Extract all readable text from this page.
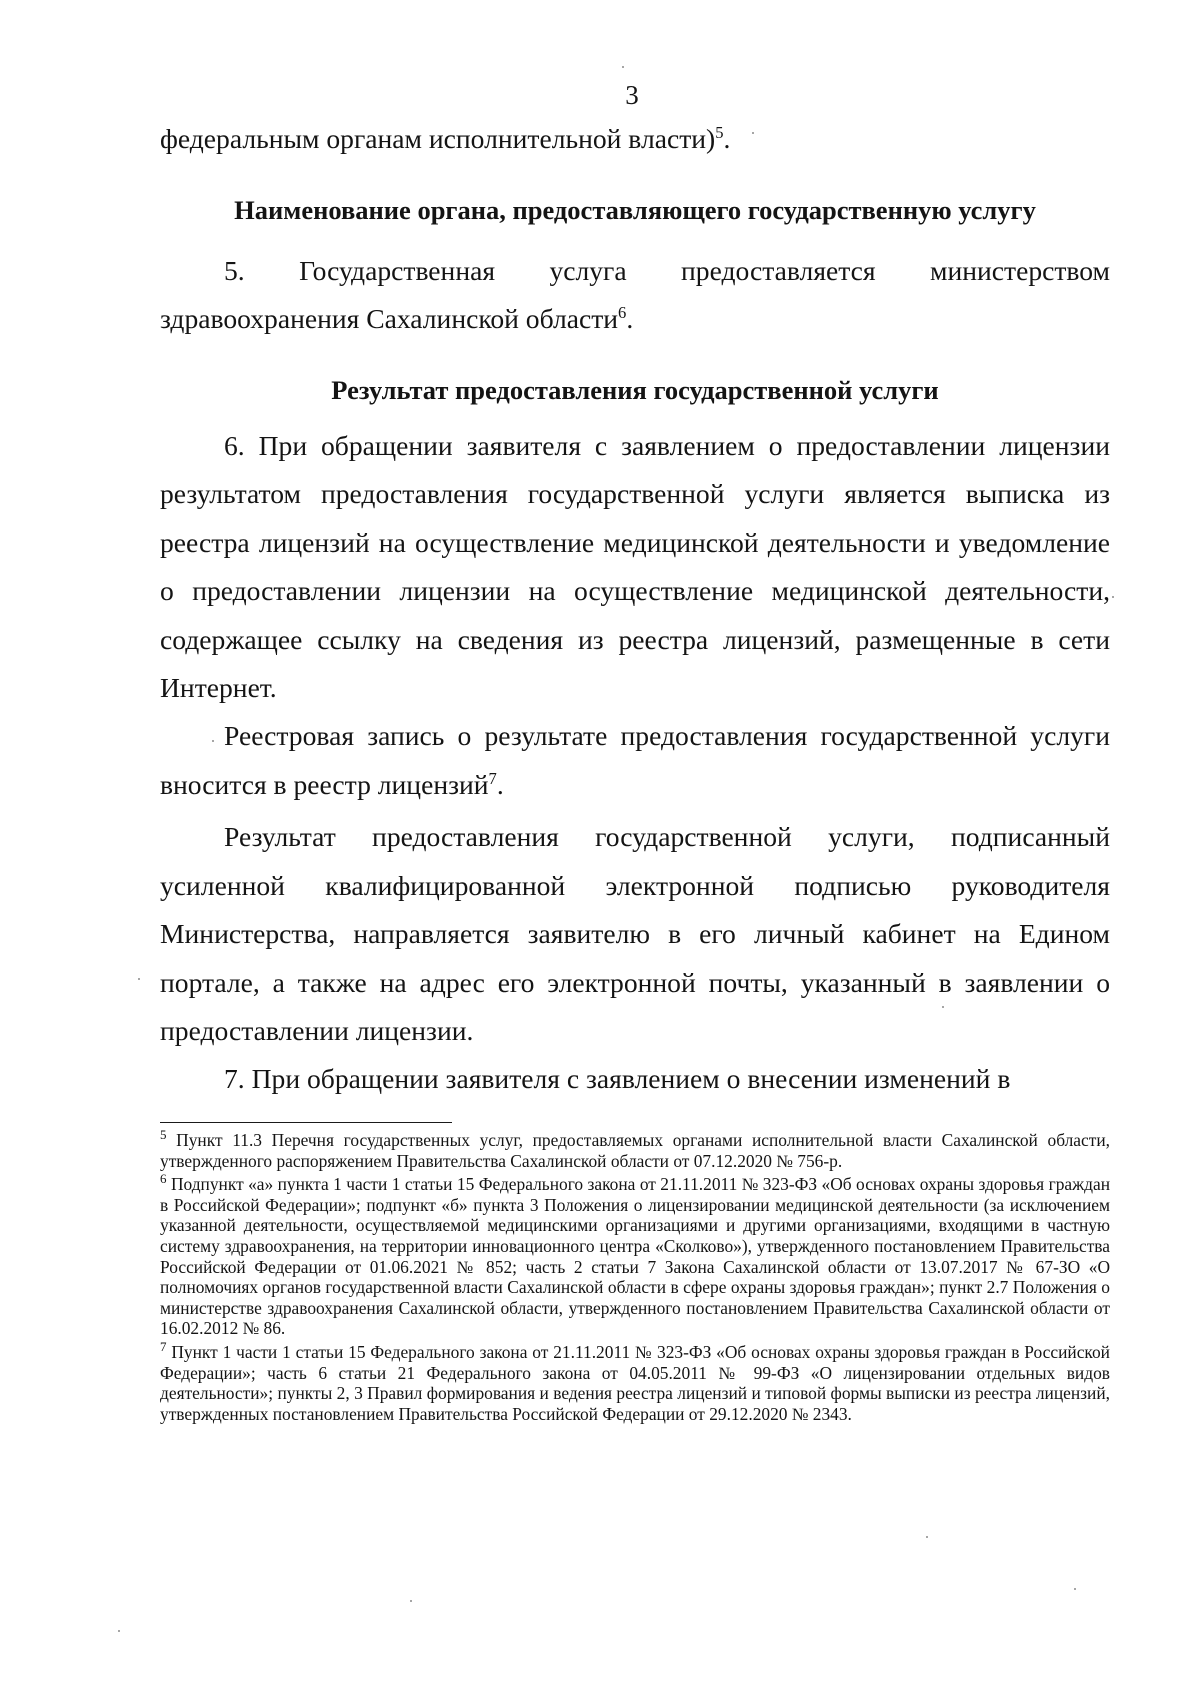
3

федеральным органам исполнительной власти)$^5$.

Наименование органа, предоставляющего государственную услугу

5. Государственная услуга предоставляется министерством здравоохранения Сахалинской области$^6$.

Результат предоставления государственной услуги

6. При обращении заявителя с заявлением о предоставлении лицензии результатом предоставления государственной услуги является выписка из реестра лицензий на осуществление медицинской деятельности и уведомление о предоставлении лицензии на осуществление медицинской деятельности, содержащее ссылку на сведения из реестра лицензий, размещенные в сети Интернет.

Реестровая запись о результате предоставления государственной услуги вносится в реестр лицензий$^7$.

Результат предоставления государственной услуги, подписанный усиленной квалифицированной электронной подписью руководителя Министерства, направляется заявителю в его личный кабинет на Едином портале, а также на адрес его электронной почты, указанный в заявлении о предоставлении лицензии.

7. При обращении заявителя с заявлением о внесении изменений в

$^5$ Пункт 11.3 Перечня государственных услуг, предоставляемых органами исполнительной власти Сахалинской области, утвержденного распоряжением Правительства Сахалинской области от 07.12.2020 № 756-р.

$^6$ Подпункт «а» пункта 1 части 1 статьи 15 Федерального закона от 21.11.2011 № 323-ФЗ «Об основах охраны здоровья граждан в Российской Федерации»; подпункт «б» пункта 3 Положения о лицензировании медицинской деятельности (за исключением указанной деятельности, осуществляемой медицинскими организациями и другими организациями, входящими в частную систему здравоохранения, на территории инновационного центра «Сколково»), утвержденного постановлением Правительства Российской Федерации от 01.06.2021 № 852; часть 2 статьи 7 Закона Сахалинской области от 13.07.2017 № 67-ЗО «О полномочиях органов государственной власти Сахалинской области в сфере охраны здоровья граждан»; пункт 2.7 Положения о министерстве здравоохранения Сахалинской области, утвержденного постановлением Правительства Сахалинской области от 16.02.2012 № 86.

$^7$ Пункт 1 части 1 статьи 15 Федерального закона от 21.11.2011 № 323-ФЗ «Об основах охраны здоровья граждан в Российской Федерации»; часть 6 статьи 21 Федерального закона от 04.05.2011 № 99-ФЗ «О лицензировании отдельных видов деятельности»; пункты 2, 3 Правил формирования и ведения реестра лицензий и типовой формы выписки из реестра лицензий, утвержденных постановлением Правительства Российской Федерации от 29.12.2020 № 2343.
